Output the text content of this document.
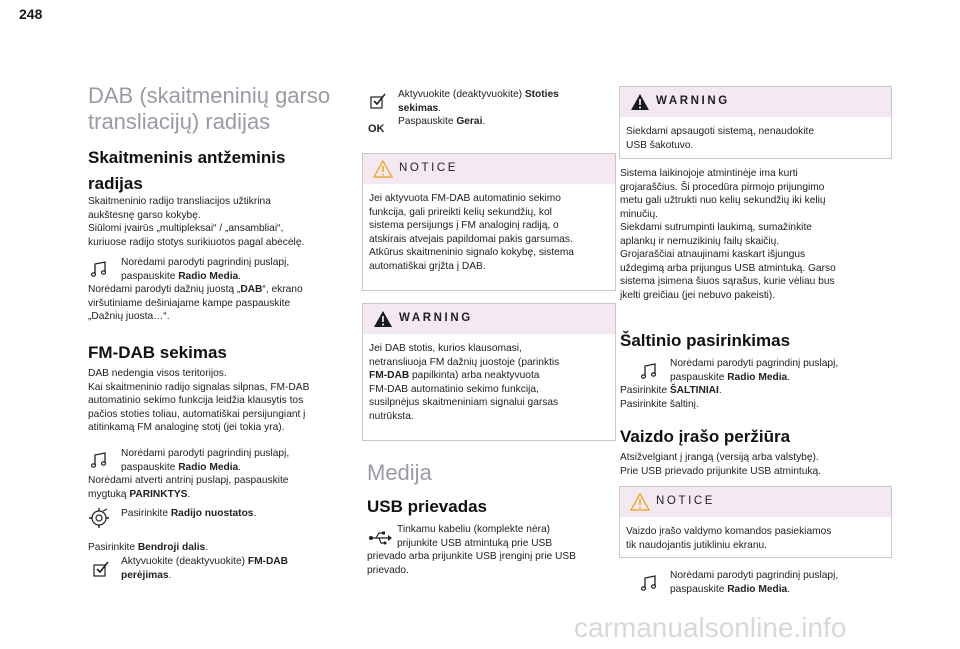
248
DAB (skaitmeninių garso
transliacijų) radijas
Skaitmeninis antžeminis
radijas
Skaitmeninio radijo transliacijos užtikrina
aukštesnę garso kokybę.
Siūlomi įvairūs „multipleksai“ / „ansambliai“,
kuriuose radijo stotys surikiuotos pagal abėcėlę.
Norėdami parodyti pagrindinį puslapį,
paspauskite Radio Media.
Norėdami parodyti dažnių juostą „DAB“, ekrano
viršutiniame dešiniajame kampe paspauskite
„Dažnių juosta…“.
FM-DAB sekimas
DAB nedengia visos teritorijos.
Kai skaitmeninio radijo signalas silpnas, FM-DAB
automatinio sekimo funkcija leidžia klausytis tos
pačios stoties toliau, automatiškai persijungiant į
atitinkamą FM analoginę stotį (jei tokia yra).
Norėdami parodyti pagrindinį puslapį,
paspauskite Radio Media.
Norėdami atverti antrinį puslapį, paspauskite
mygtuką PARINKTYS.
Pasirinkite Radijo nuostatos.
Pasirinkite Bendroji dalis.
Aktyvuokite (deaktyvuokite) FM-DAB
perėjimas.
OK
Aktyvuokite (deaktyvuokite) Stoties
sekimas.
Paspauskite Gerai.
NOTICE
Jei aktyvuota FM-DAB automatinio sekimo
funkcija, gali prireikti kelių sekundžių, kol
sistema persijungs į FM analoginį radiją, o
atskirais atvejais papildomai pakis garsumas.
Atkūrus skaitmeninio signalo kokybę, sistema
automatiškai grįžta į DAB.
WARNING
Jei DAB stotis, kurios klausomasi,
netransliuoja FM dažnių juostoje (parinktis
FM-DAB papilkinta) arba neaktyvuota
FM-DAB automatinio sekimo funkcija,
susilpnėjus skaitmeniniam signalui garsas
nutrūksta.
Medija
USB prievadas
Tinkamu kabeliu (komplekte nėra)
prijunkite USB atmintuką prie USB
prievado arba prijunkite USB įrenginį prie USB
prievado.
WARNING
Siekdami apsaugoti sistemą, nenaudokite
USB šakotuvo.
Sistema laikinojoje atmintinėje ima kurti
grojaraščius. Ši procedūra pirmojo prijungimo
metu gali užtrukti nuo kelių sekundžių iki kelių
minučių.
Siekdami sutrumpinti laukimą, sumažinkite
aplankų ir nemuzikinių failų skaičių.
Grojaraščiai atnaujinami kaskart išjungus
uždegimą arba prijungus USB atmintuką. Garso
sistema įsimena šiuos sąrašus, kurie vėliau bus
įkelti greičiau (jei nebuvo pakeisti).
Šaltinio pasirinkimas
Norėdami parodyti pagrindinį puslapį,
paspauskite Radio Media.
Pasirinkite ŠALTINIAI.
Pasirinkite šaltinį.
Vaizdo įrašo peržiūra
Atsižvelgiant į įrangą (versiją arba valstybę).
Prie USB prievado prijunkite USB atmintuką.
NOTICE
Vaizdo įrašo valdymo komandos pasiekiamos
tik naudojantis jutikliniu ekranu.
Norėdami parodyti pagrindinį puslapį,
paspauskite Radio Media.
carmanualsonline.info
